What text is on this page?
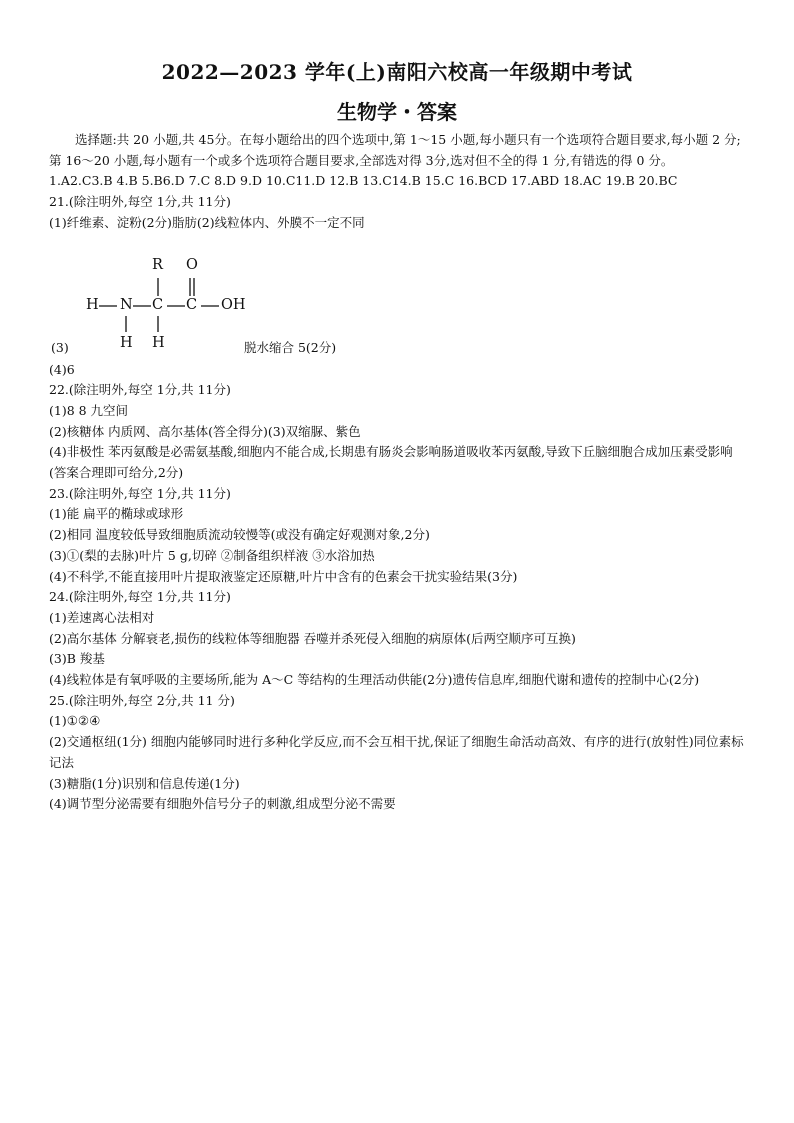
2022—2023 学年(上)南阳六校高一年级期中考试
生物学・答案
选择题:共 20 小题,共 45分。在每小题给出的四个选项中,第 1～15 小题,每小题只有一个选项符合题目要求,每小题 2 分;第 16～20 小题,每小题有一个或多个选项符合题目要求,全部选对得 3分,选对但不全的得 1 分,有错选的得 0 分。
1.A2.C3.B 4.B 5.B6.D 7.C 8.D 9.D 10.C11.D 12.B 13.C14.B 15.C 16.BCD 17.ABD 18.AC 19.B 20.BC
21.(除注明外,每空 1分,共 11分)
(1)纤维素、淀粉(2分)脂肪(2)线粒体内、外膜不一定不同
R O
H N C C OH
H H
(3)	脱水缩合 5(2分)
(4)6
22.(除注明外,每空 1分,共 11分)
(1)8 8 九空间
(2)核糖体 内质网、高尔基体(答全得分)(3)双缩脲、紫色
(4)非极性 苯丙氨酸是必需氨基酸,细胞内不能合成,长期患有肠炎会影响肠道吸收苯丙氨酸,导致下丘脑细胞合成加压素受影响(答案合理即可给分,2分)
23.(除注明外,每空 1分,共 11分)
(1)能 扁平的椭球或球形
(2)相同 温度较低导致细胞质流动较慢等(或没有确定好观测对象,2分)
(3)①(梨的去脉)叶片 5 g,切碎 ②制备组织样液 ③水浴加热
(4)不科学,不能直接用叶片提取液鉴定还原糖,叶片中含有的色素会干扰实验结果(3分)
24.(除注明外,每空 1分,共 11分)
(1)差速离心法相对
(2)高尔基体 分解衰老,损伤的线粒体等细胞器 吞噬并杀死侵入细胞的病原体(后两空顺序可互换)
(3)B 羧基
(4)线粒体是有氧呼吸的主要场所,能为 A～C 等结构的生理活动供能(2分)遗传信息库,细胞代谢和遗传的控制中心(2分)
25.(除注明外,每空 2分,共 11 分)
(1)①②④
(2)交通枢纽(1分) 细胞内能够同时进行多种化学反应,而不会互相干扰,保证了细胞生命活动高效、有序的进行(放射性)同位素标记法
(3)糖脂(1分)识别和信息传递(1分)
(4)调节型分泌需要有细胞外信号分子的刺激,组成型分泌不需要
